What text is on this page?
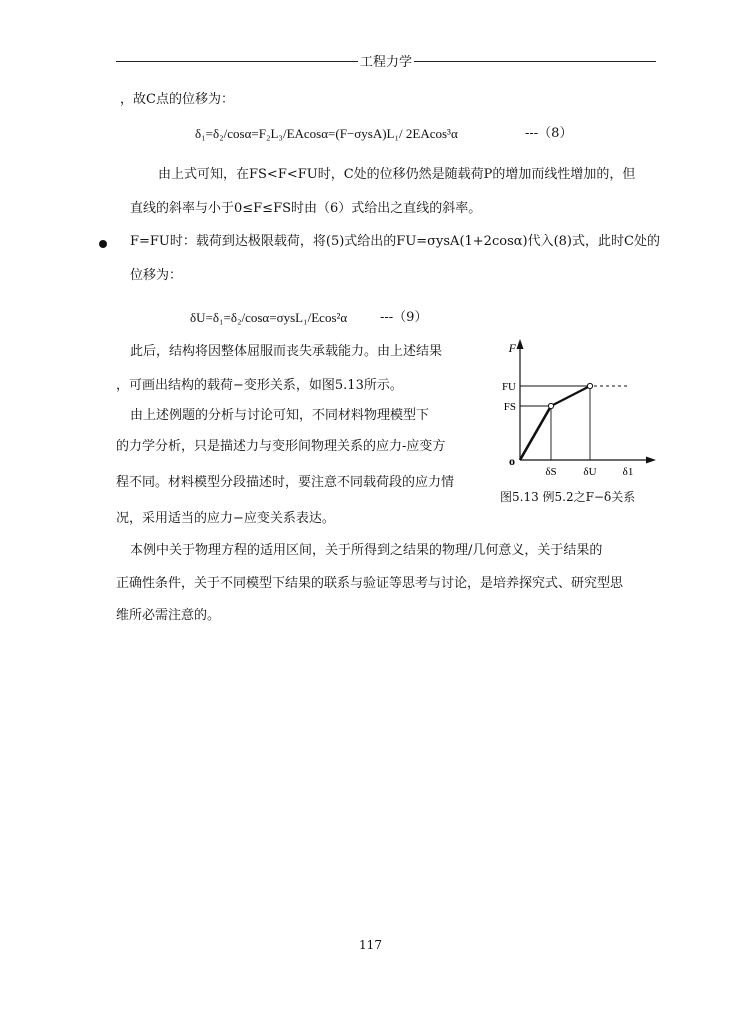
工程力学
，故C点的位移为：
δ₁=δ₂/cosα=F₂L₃/EAcosα=(F−σysA)L₁/ 2EAcos³α	---（8）
由上式可知，在FS<F<FU时，C处的位移仍然是随载荷P的增加而线性增加的，但
直线的斜率与小于0≤F≤FS时由（6）式给出之直线的斜率。
F=FU时：载荷到达极限载荷，将(5)式给出的FU=σysA(1+2cosα)代入(8)式，此时C处的
位移为：
δU=δ₁=δ₂/cosα=σysL₁/Ecos²α	---（9）
此后，结构将因整体屈服而丧失承载能力。由上述结果
，可画出结构的载荷−变形关系，如图5.13所示。
由上述例题的分析与讨论可知，不同材料物理模型下
的力学分析，只是描述力与变形间物理关系的应力-应变方
程不同。材料模型分段描述时，要注意不同载荷段的应力情
况，采用适当的应力−应变关系表达。
本例中关于物理方程的适用区间，关于所得到之结果的物理/几何意义，关于结果的
正确性条件，关于不同模型下结果的联系与验证等思考与讨论，是培养探究式、研究型思
维所必需注意的。
F
FU
FS
o
δS δU δ1
图5.13 例5.2之F−δ关系
117
